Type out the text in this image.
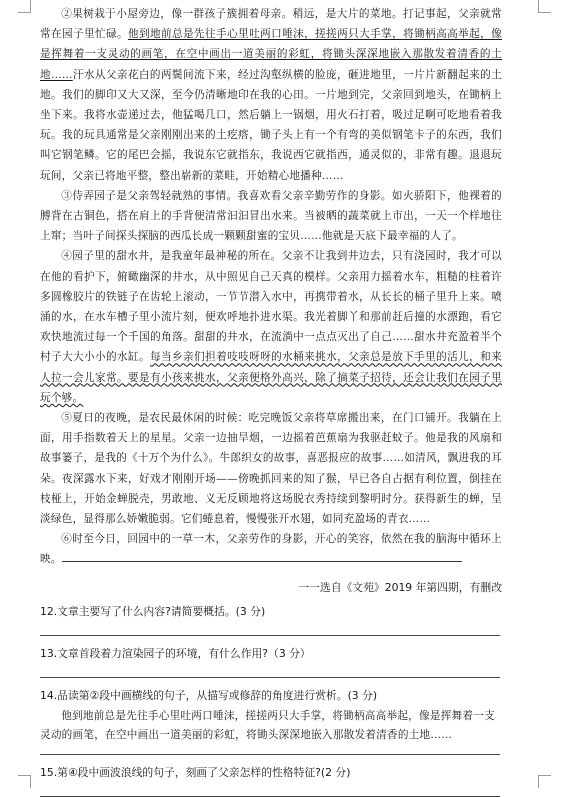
②果树栽于小屋旁边，像一群孩子簇拥着母亲。稍远，是大片的菜地。打记事起，父亲就常常在园子里忙碌。他到地前总是先往手心里吐两口唾沫，搓搓两只大手掌，将锄柄高高举起，像是挥舞着一支灵动的画笔，在空中画出一道美丽的彩虹，将锄头深深地嵌入那散发着清香的土地……汗水从父亲花白的两鬓间流下来，经过沟壑纵横的脸庞，砸进地里，一片片新翻起来的土地。我们的脚印又大又深，至今仍清晰地印在我的心田。一片地到完，父亲回到地头，在锄柄上坐下来。我将水壶递过去，他猛喝几口，然后躺上一锅烟，用火石打着，吸过足啊可吃地看着我玩。我的玩具通常是父亲刚刚出来的土疙瘩，锄子头上有一个有弯的美似钢笔卡子的东西，我们叫它钢笔鳞。它的尾巴会摇，我说东它就指东，我说西它就指西，通灵似的，非常有趣。退退玩玩间，父亲已将地平整，整出崭新的菜畦，开始精心地播种……

③侍弄园子是父亲驾轻就熟的事情。我喜欢看父亲辛勤劳作的身影。如火骄阳下，他裸着的膊背在古铜色，搭在肩上的手背便清常汩汩冒出水来。当被晒的蔬菜就上市出，一天一个样地往上窜；当叶子间探头探脑的西瓜长成一颗颗甜蜜的宝贝……他就是天底下最幸福的人了。

④园子里的甜水井，是我童年最神秘的所在。父亲不让我到井边去，只有浇园时，我才可以在他的看护下，俯瞰幽深的井水，从中照见自己天真的模样。父亲用力摇着水车，粗糙的柱着许多圆橡胶片的铁链子在齿轮上滚动，一节节潜入水中，再携带着水，从长长的桶子里升上来。喷涌的水，在水车槽子里小流片刻，便欢呼地扑进水渠。我光着脚丫和那前赶后撞的水漂跑，看它欢快地流过每一个千国的角落。甜甜的井水，在流淌中一点点灭出了自己……甜水井充盈着半个村子大大小小的水缸。每当乡亲们担着吱吱呀呀的水桶来挑水，父亲总是放下手里的活儿，和来人拉一会儿家常。要是有小孩来挑水，父亲便格外高兴，除了摘菜子招待，还会让我们在园子里玩个够。

⑤夏日的夜晚，是农民最休闲的时候：吃完晚饭父亲将草席搬出来，在门口铺开。我躺在上面，用手指数着天上的星星。父亲一边抽旱烟，一边摇着芭蕉扇为我驱赶蚊子。他是我的风扇和故事篓子，是我的《十万个为什么》。牛郎织女的故事，喜恶报应的故事……如清风，飘进我的耳朵。夜深露水下来，好戏才刚刚开场——傍晚抓回来的知了猴，早已各自占据有利位置，倒挂在枝桠上，开始金蝉脱壳，男敢地、义无反顾地将这场脱衣秀持续到黎明时分。获得新生的蝉，呈淡绿色，显得那么娇嫩脆弱。它们蜷息着，慢慢张开水翅，如同充盈场的青衣……

⑥时至今日，回园中的一草一木，父亲劳作的身影，开心的笑容，依然在我的脑海中循环上映。

一一选自《文苑》2019 年第四期，有删改

12.文章主要写了什么内容?请简要概括。(3 分)

13.文章首段着力渲染园子的环境，有什么作用?（3 分）

14.品读第②段中画横线的句子，从描写或修辞的角度进行赏析。(3 分)

他到地前总是先往手心里吐两口唾沫，搓搓两只大手掌，将锄柄高高举起，像是挥舞着一支灵动的画笔，在空中画出一道美丽的彩虹，将锄头深深地嵌入那散发着清香的土地……

15.第④段中画波浪线的句子，刻画了父亲怎样的性格特征?(2 分)
